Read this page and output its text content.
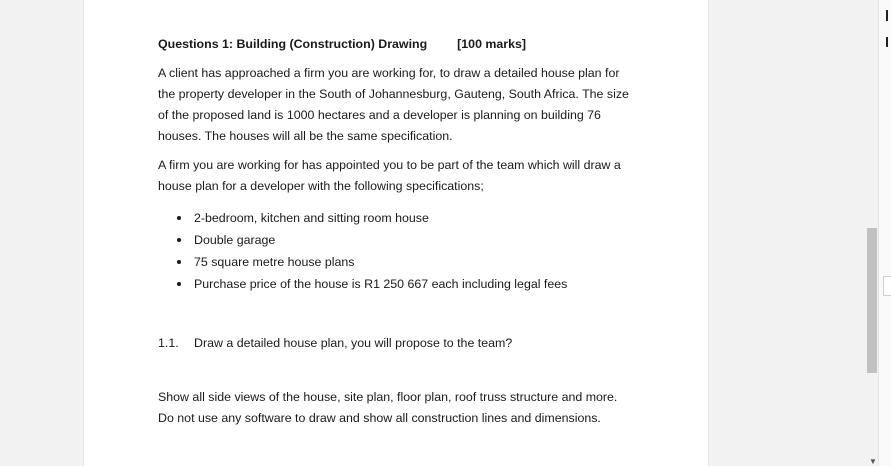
Questions 1: Building (Construction) Drawing [100 marks]

A client has approached a firm you are working for, to draw a detailed house plan for the property developer in the South of Johannesburg, Gauteng, South Africa. The size of the proposed land is 1000 hectares and a developer is planning on building 76 houses. The houses will all be the same specification.

A firm you are working for has appointed you to be part of the team which will draw a house plan for a developer with the following specifications;

2-bedroom, kitchen and sitting room house
Double garage
75 square metre house plans
Purchase price of the house is R1 250 667 each including legal fees

1.1. Draw a detailed house plan, you will propose to the team?

Show all side views of the house, site plan, floor plan, roof truss structure and more. Do not use any software to draw and show all construction lines and dimensions.

▼
